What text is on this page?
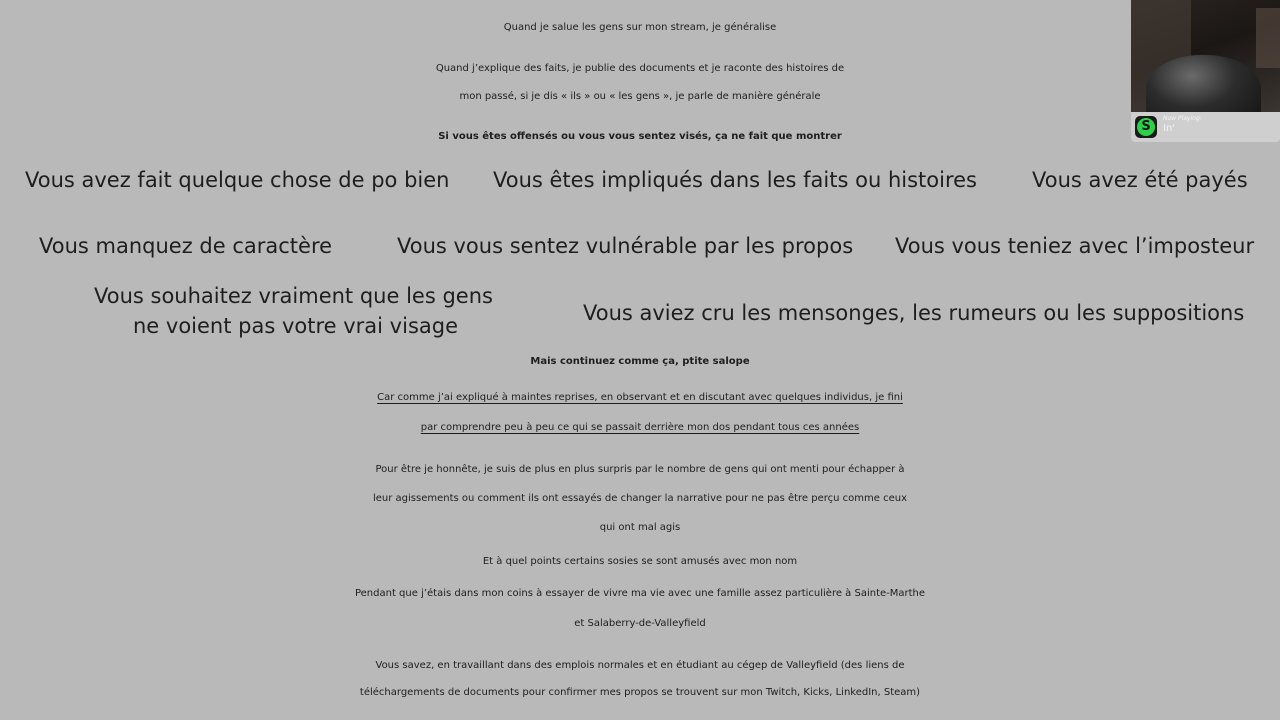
Quand je salue les gens sur mon stream, je généralise
Quand j’explique des faits, je publie des documents et je raconte des histoires de
mon passé, si je dis « ils » ou « les gens », je parle de manière générale
Si vous êtes offensés ou vous vous sentez visés, ça ne fait que montrer
Vous avez fait quelque chose de po bien Vous êtes impliqués dans les faits ou histoires	Vous avez été payés
Vous manquez de caractère	Vous vous sentez vulnérable par les propos Vous vous teniez avec l’imposteur
Vous souhaitez vraiment que les gens
ne voient pas votre vrai visage
Vous aviez cru les mensonges, les rumeurs ou les suppositions
Mais continuez comme ça, ptite salope
Car comme j’ai expliqué à maintes reprises, en observant et en discutant avec quelques individus, je fini
par comprendre peu à peu ce qui se passait derrière mon dos pendant tous ces années
Pour être je honnête, je suis de plus en plus surpris par le nombre de gens qui ont menti pour échapper à
leur agissements ou comment ils ont essayés de changer la narrative pour ne pas être perçu comme ceux
qui ont mal agis
Et à quel points certains sosies se sont amusés avec mon nom
Pendant que j’étais dans mon coins à essayer de vivre ma vie avec une famille assez particulière à Sainte-Marthe
et Salaberry-de-Valleyfield
Vous savez, en travaillant dans des emplois normales et en étudiant au cégep de Valleyfield (des liens de
téléchargements de documents pour confirmer mes propos se trouvent sur mon Twitch, Kicks, LinkedIn, Steam)
S
Now Playing:
In'
